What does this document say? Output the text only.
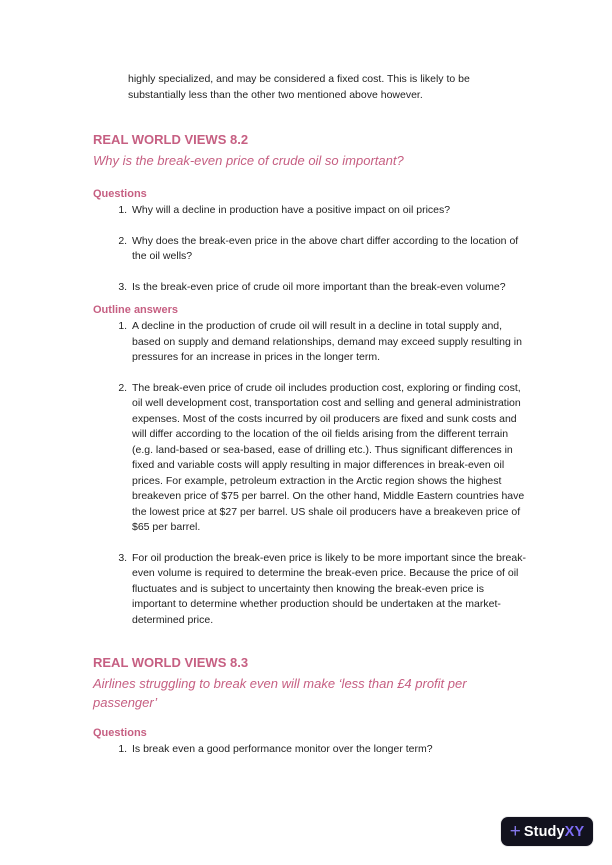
highly specialized, and may be considered a fixed cost. This is likely to be substantially less than the other two mentioned above however.

REAL WORLD VIEWS 8.2

Why is the break-even price of crude oil so important?

Questions
1. Why will a decline in production have a positive impact on oil prices?
2. Why does the break-even price in the above chart differ according to the location of the oil wells?
3. Is the break-even price of crude oil more important than the break-even volume?
Outline answers
1. A decline in the production of crude oil will result in a decline in total supply and, based on supply and demand relationships, demand may exceed supply resulting in pressures for an increase in prices in the longer term.
2. The break-even price of crude oil includes production cost, exploring or finding cost, oil well development cost, transportation cost and selling and general administration expenses. Most of the costs incurred by oil producers are fixed and sunk costs and will differ according to the location of the oil fields arising from the different terrain (e.g. land-based or sea-based, ease of drilling etc.). Thus significant differences in fixed and variable costs will apply resulting in major differences in break-even oil prices. For example, petroleum extraction in the Arctic region shows the highest breakeven price of $75 per barrel. On the other hand, Middle Eastern countries have the lowest price at $27 per barrel. US shale oil producers have a breakeven price of $65 per barrel.
3. For oil production the break-even price is likely to be more important since the break-even volume is required to determine the break-even price. Because the price of oil fluctuates and is subject to uncertainty then knowing the break-even price is important to determine whether production should be undertaken at the market-determined price.
REAL WORLD VIEWS 8.3

Airlines struggling to break even will make ‘less than £4 profit per passenger’

Questions
1. Is break even a good performance monitor over the longer term?
+ StudyXY
